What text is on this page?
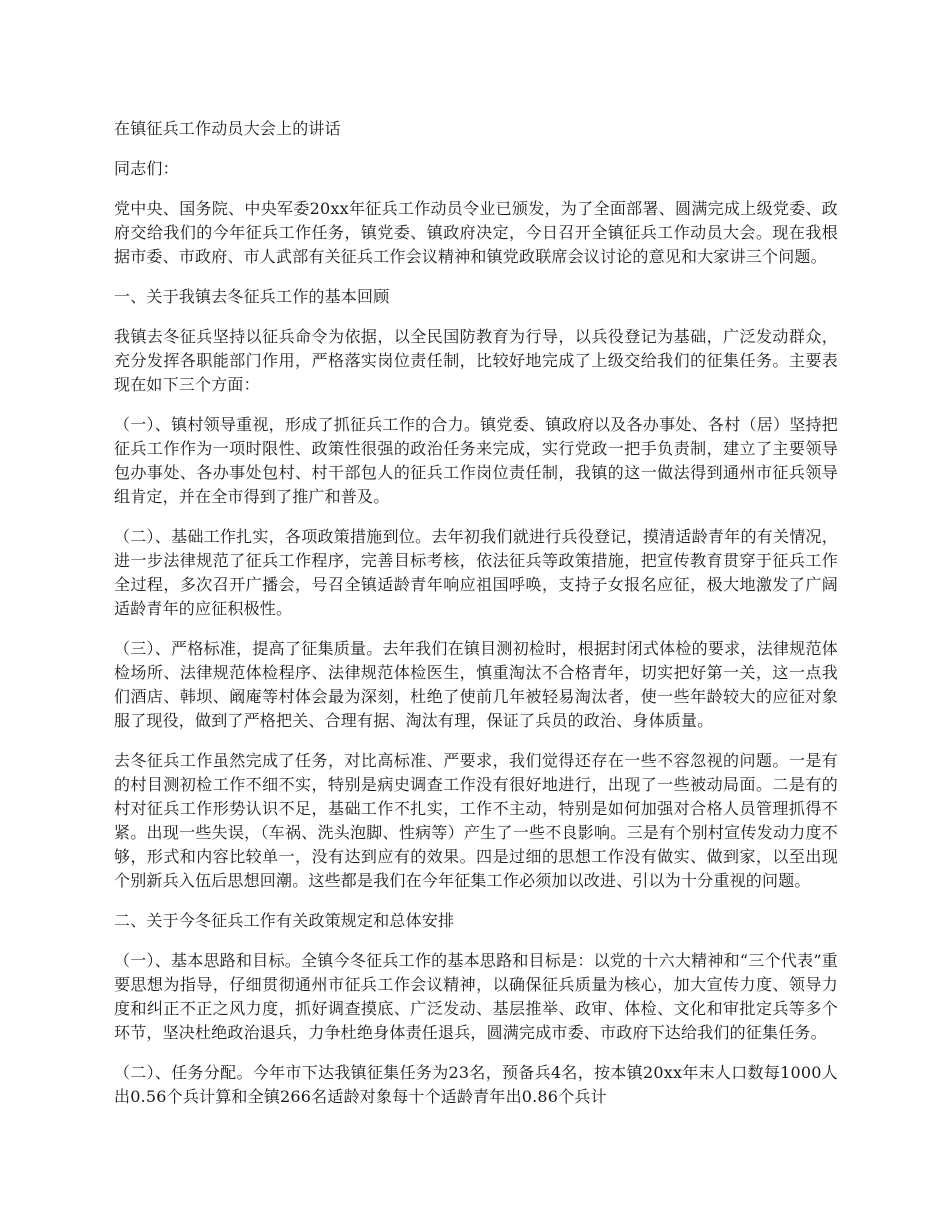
在镇征兵工作动员大会上的讲话

同志们：

党中央、国务院、中央军委20xx年征兵工作动员令业已颁发，为了全面部署、圆满完成上级党委、政府交给我们的今年征兵工作任务，镇党委、镇政府决定，今日召开全镇征兵工作动员大会。现在我根据市委、市政府、市人武部有关征兵工作会议精神和镇党政联席会议讨论的意见和大家讲三个问题。

一、关于我镇去冬征兵工作的基本回顾

我镇去冬征兵坚持以征兵命令为依据，以全民国防教育为行导，以兵役登记为基础，广泛发动群众，充分发挥各职能部门作用，严格落实岗位责任制，比较好地完成了上级交给我们的征集任务。主要表现在如下三个方面：

（一）、镇村领导重视，形成了抓征兵工作的合力。镇党委、镇政府以及各办事处、各村（居）坚持把征兵工作作为一项时限性、政策性很强的政治任务来完成，实行党政一把手负责制，建立了主要领导包办事处、各办事处包村、村干部包人的征兵工作岗位责任制，我镇的这一做法得到通州市征兵领导组肯定，并在全市得到了推广和普及。

（二）、基础工作扎实，各项政策措施到位。去年初我们就进行兵役登记，摸清适龄青年的有关情况，进一步法律规范了征兵工作程序，完善目标考核，依法征兵等政策措施，把宣传教育贯穿于征兵工作全过程，多次召开广播会，号召全镇适龄青年响应祖国呼唤，支持子女报名应征，极大地激发了广阔适龄青年的应征积极性。

（三）、严格标准，提高了征集质量。去年我们在镇目测初检时，根据封闭式体检的要求，法律规范体检场所、法律规范体检程序、法律规范体检医生，慎重淘汰不合格青年，切实把好第一关，这一点我们酒店、韩坝、阚庵等村体会最为深刻，杜绝了使前几年被轻易淘汰者，使一些年龄较大的应征对象服了现役，做到了严格把关、合理有据、淘汰有理，保证了兵员的政治、身体质量。

去冬征兵工作虽然完成了任务，对比高标准、严要求，我们觉得还存在一些不容忽视的问题。一是有的村目测初检工作不细不实，特别是病史调查工作没有很好地进行，出现了一些被动局面。二是有的村对征兵工作形势认识不足，基础工作不扎实，工作不主动，特别是如何加强对合格人员管理抓得不紧。出现一些失误，（车祸、洗头泡脚、性病等）产生了一些不良影响。三是有个别村宣传发动力度不够，形式和内容比较单一，没有达到应有的效果。四是过细的思想工作没有做实、做到家，以至出现个别新兵入伍后思想回潮。这些都是我们在今年征集工作必须加以改进、引以为十分重视的问题。

二、关于今冬征兵工作有关政策规定和总体安排

（一）、基本思路和目标。全镇今冬征兵工作的基本思路和目标是：以党的十六大精神和“三个代表”重要思想为指导，仔细贯彻通州市征兵工作会议精神，以确保征兵质量为核心，加大宣传力度、领导力度和纠正不正之风力度，抓好调查摸底、广泛发动、基层推举、政审、体检、文化和审批定兵等多个环节，坚决杜绝政治退兵，力争杜绝身体责任退兵，圆满完成市委、市政府下达给我们的征集任务。

（二）、任务分配。今年市下达我镇征集任务为23名，预备兵4名，按本镇20xx年末人口数每1000人出0.56个兵计算和全镇266名适龄对象每十个适龄青年出0.86个兵计
